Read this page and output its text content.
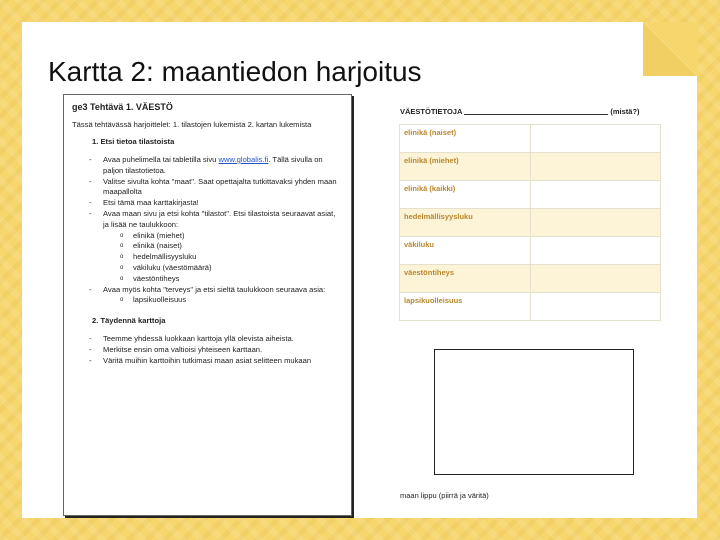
Kartta 2: maantiedon harjoitus
ge3 Tehtävä 1. VÄESTÖ
Tässä tehtävässä harjoittelet: 1. tilastojen lukemista 2. kartan lukemista
1. Etsi tietoa tilastoista
- Avaa puhelimella tai tabletilla sivu www.globalis.fi. Tällä sivulla on paljon tilastotietoa.
- Valitse sivulta kohta "maat". Saat opettajalta tutkittavaksi yhden maan maapallolta
- Etsi tämä maa karttakirjasta!
- Avaa maan sivu ja etsi kohta "tilastot". Etsi tilastoista seuraavat asiat, ja lisää ne taulukkoon:
o elinikä (miehet)
o elinikä (naiset)
o hedelmällisyysluku
o väkiluku (väestömäärä)
o väestöntiheys
- Avaa myös kohta "terveys" ja etsi sieltä taulukkoon seuraava asia:
o lapsikuolleisuus
2. Täydennä karttoja
- Teemme yhdessä luokkaan karttoja yllä olevista aiheista.
- Merkitse ensin oma valtioisi yhteiseen karttaan.
- Väritä muihin karttoihin tutkimasi maan asiat selitteen mukaan
VÄESTÖTIETOJA	(mistä?)
elinikä (naiset)	
elinikä (miehet)	
elinikä (kaikki)	
hedelmällisyysluku	
väkiluku	
väestöntiheys	
lapsikuolleisuus	
maan lippu (piirrä ja väritä)
